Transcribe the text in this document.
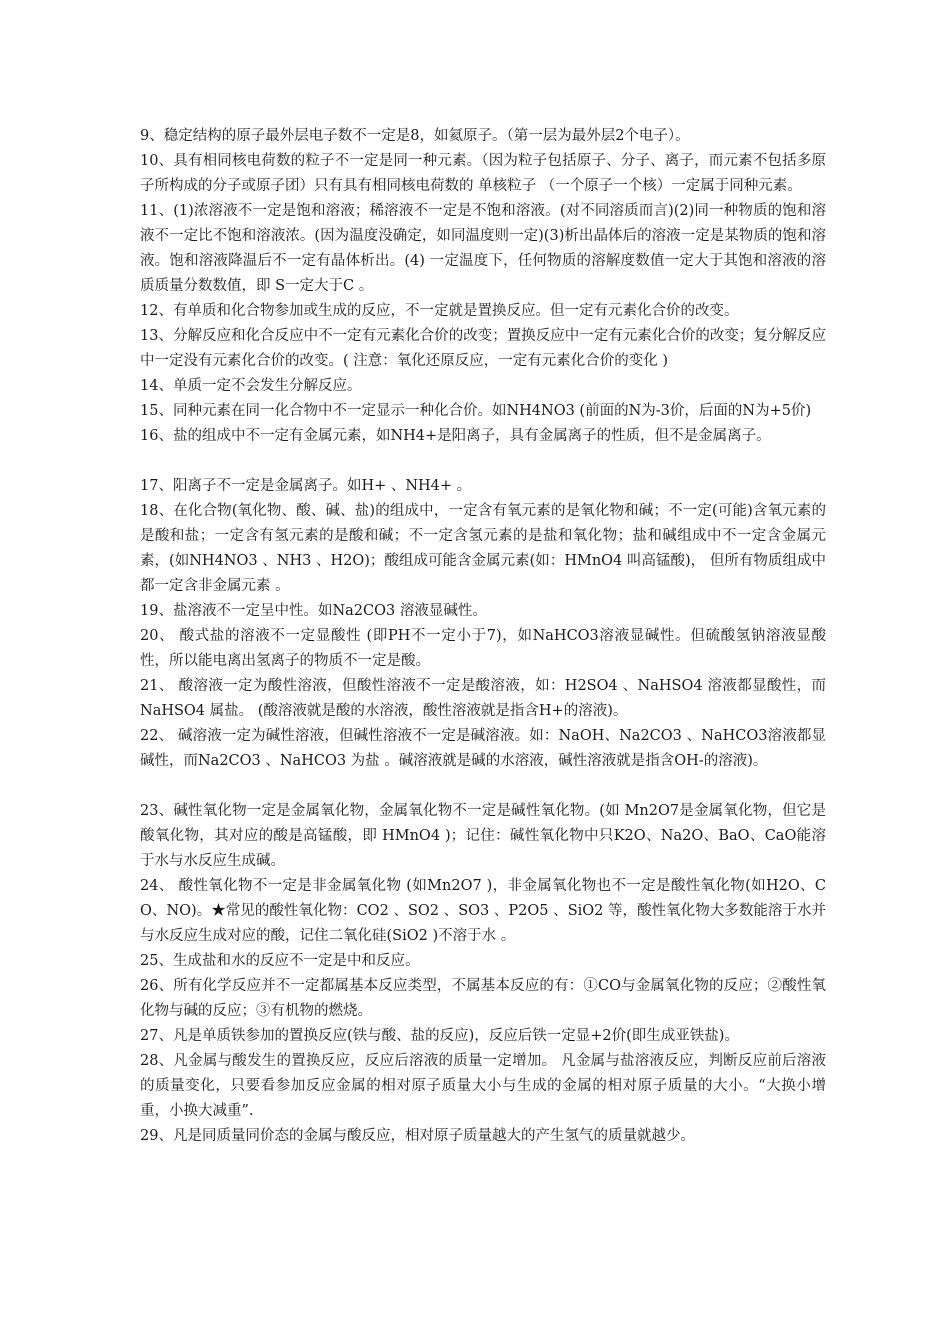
9、稳定结构的原子最外层电子数不一定是8，如氦原子。（第一层为最外层2个电子）。

10、具有相同核电荷数的粒子不一定是同一种元素。（因为粒子包括原子、分子、离子，而元素不包括多原子所构成的分子或原子团）只有具有相同核电荷数的 单核粒子 （一个原子一个核）一定属于同种元素。

11、(1)浓溶液不一定是饱和溶液；稀溶液不一定是不饱和溶液。(对不同溶质而言)(2)同一种物质的饱和溶液不一定比不饱和溶液浓。(因为温度没确定，如同温度则一定)(3)析出晶体后的溶液一定是某物质的饱和溶液。饱和溶液降温后不一定有晶体析出。(4) 一定温度下，任何物质的溶解度数值一定大于其饱和溶液的溶质质量分数数值，即 S一定大于C 。

12、有单质和化合物参加或生成的反应，不一定就是置换反应。但一定有元素化合价的改变。

13、分解反应和化合反应中不一定有元素化合价的改变；置换反应中一定有元素化合价的改变；复分解反应中一定没有元素化合价的改变。( 注意：氧化还原反应，一定有元素化合价的变化 )

14、单质一定不会发生分解反应。

15、同种元素在同一化合物中不一定显示一种化合价。如NH4NO3 (前面的N为-3价，后面的N为+5价)

16、盐的组成中不一定有金属元素，如NH4+是阳离子，具有金属离子的性质，但不是金属离子。

17、阳离子不一定是金属离子。如H+ 、NH4+ 。

18、在化合物(氧化物、酸、碱、盐)的组成中，一定含有氧元素的是氧化物和碱；不一定(可能)含氧元素的是酸和盐；一定含有氢元素的是酸和碱；不一定含氢元素的是盐和氧化物；盐和碱组成中不一定含金属元素，(如NH4NO3 、NH3 、H2O)；酸组成可能含金属元素(如：HMnO4 叫高锰酸)， 但所有物质组成中都一定含非金属元素 。

19、盐溶液不一定呈中性。如Na2CO3 溶液显碱性。

20、 酸式盐的溶液不一定显酸性 (即PH不一定小于7)，如NaHCO3溶液显碱性。但硫酸氢钠溶液显酸性，所以能电离出氢离子的物质不一定是酸。

21、 酸溶液一定为酸性溶液，但酸性溶液不一定是酸溶液，如：H2SO4 、NaHSO4 溶液都显酸性，而 NaHSO4 属盐。 (酸溶液就是酸的水溶液，酸性溶液就是指含H+的溶液)。

22、 碱溶液一定为碱性溶液，但碱性溶液不一定是碱溶液。如：NaOH、Na2CO3 、NaHCO3溶液都显碱性，而Na2CO3 、NaHCO3 为盐 。碱溶液就是碱的水溶液，碱性溶液就是指含OH-的溶液)。

23、碱性氧化物一定是金属氧化物，金属氧化物不一定是碱性氧化物。(如 Mn2O7是金属氧化物，但它是酸氧化物，其对应的酸是高锰酸，即 HMnO4 )；记住：碱性氧化物中只K2O、Na2O、BaO、CaO能溶于水与水反应生成碱。

24、 酸性氧化物不一定是非金属氧化物 (如Mn2O7 )，非金属氧化物也不一定是酸性氧化物(如H2O、CO、NO)。★常见的酸性氧化物：CO2 、SO2 、SO3 、P2O5 、SiO2 等，酸性氧化物大多数能溶于水并与水反应生成对应的酸，记住二氧化硅(SiO2 )不溶于水 。

25、生成盐和水的反应不一定是中和反应。

26、所有化学反应并不一定都属基本反应类型，不属基本反应的有：①CO与金属氧化物的反应；②酸性氧化物与碱的反应；③有机物的燃烧。

27、凡是单质铁参加的置换反应(铁与酸、盐的反应)，反应后铁一定显+2价(即生成亚铁盐)。

28、凡金属与酸发生的置换反应，反应后溶液的质量一定增加。 凡金属与盐溶液反应，判断反应前后溶液的质量变化，只要看参加反应金属的相对原子质量大小与生成的金属的相对原子质量的大小。“大换小增重，小换大减重”.

29、凡是同质量同价态的金属与酸反应，相对原子质量越大的产生氢气的质量就越少。
